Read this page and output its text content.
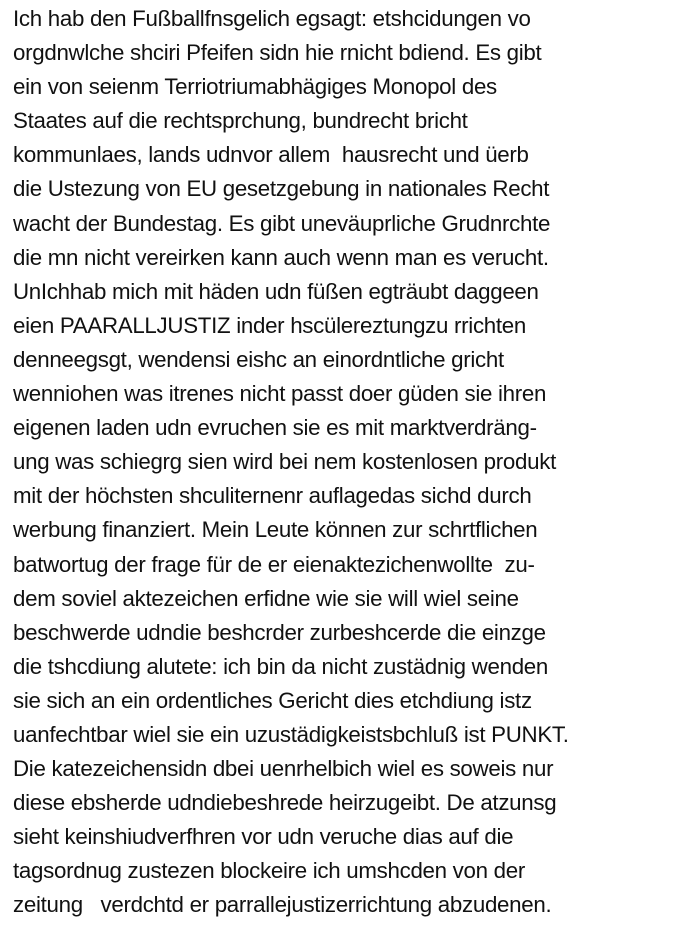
Ich hab den Fußballfnsgelich egsagt: etshcidungen vo
orgdnwlche shciri Pfeifen sidn hie rnicht bdiend. Es gibt
ein von seienm Terriotriumabhägiges Monopol des
Staates auf die rechtsprchung, bundrecht bricht
kommunlaes, lands udnvor allem  hausrecht und üerb
die Ustezung von EU gesetzgebung in nationales Recht
wacht der Bundestag. Es gibt uneväuprliche Grudnrchte
die mn nicht vereirken kann auch wenn man es verucht.
UnIchhab mich mit häden udn füßen egträubt daggeen
eien PAARALLJUSTIZ inder hscülereztungzu rrichten
denneegsgt, wendensi eishc an einordntliche gricht
wenniohen was itrenes nicht passt doer güden sie ihren
eigenen laden udn evruchen sie es mit marktverdräng-
ung was schiegrg sien wird bei nem kostenlosen produkt
mit der höchsten shculiternenr auflagedas sichd durch
werbung finanziert. Mein Leute können zur schrtflichen
batwortug der frage für de er eienaktezichenwollte  zu-
dem soviel aktezeichen erfidne wie sie will wiel seine
beschwerde udndie beshcrder zurbeshcerde die einzge
die tshcdiung alutete: ich bin da nicht zustädnig wenden
sie sich an ein ordentliches Gericht dies etchdiung istz
uanfechtbar wiel sie ein uzustädigkeistsbchluß ist PUNKT.
Die katezeichensidn dbei uenrhelbich wiel es soweis nur
diese ebsherde udndiebeshrede heirzugeibt. De atzunsg
sieht keinshiudverfhren vor udn veruche dias auf die
tagsordnug zustezen blockeire ich umshcden von der
zeitung   verdchtd er parrallejustizerrichtung abzudenen.
